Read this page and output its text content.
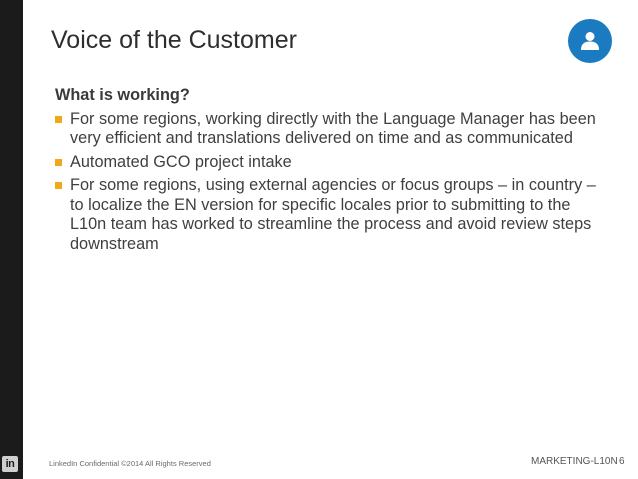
in
Voice of the Customer
What is working?
For some regions, working directly with the Language Manager has been very efficient and translations delivered on time and as communicated
Automated GCO project intake
For some regions, using external agencies or focus groups – in country – to localize the EN version for specific locales prior to submitting to the L10n team has worked to streamline the process and avoid review steps downstream
LinkedIn Confidential ©2014 All Rights Reserved	MARKETING-L10N 6
